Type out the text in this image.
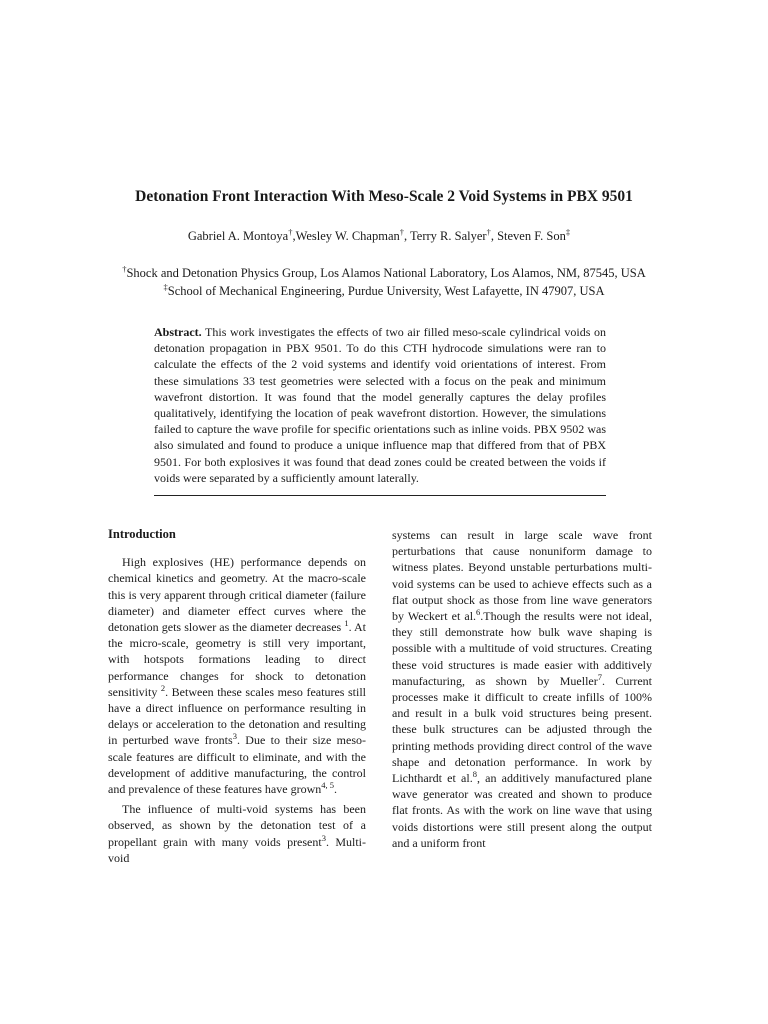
Detonation Front Interaction With Meso-Scale 2 Void Systems in PBX 9501
Gabriel A. Montoya†,Wesley W. Chapman†, Terry R. Salyer†, Steven F. Son‡
†Shock and Detonation Physics Group, Los Alamos National Laboratory, Los Alamos, NM, 87545, USA
‡School of Mechanical Engineering, Purdue University, West Lafayette, IN 47907, USA
Abstract. This work investigates the effects of two air filled meso-scale cylindrical voids on detonation propagation in PBX 9501. To do this CTH hydrocode simulations were ran to calculate the effects of the 2 void systems and identify void orientations of interest. From these simulations 33 test geometries were selected with a focus on the peak and minimum wavefront distortion. It was found that the model generally captures the delay profiles qualitatively, identifying the location of peak wavefront distortion. However, the simulations failed to capture the wave profile for specific orientations such as inline voids. PBX 9502 was also simulated and found to produce a unique influence map that differed from that of PBX 9501. For both explosives it was found that dead zones could be created between the voids if voids were separated by a sufficiently amount laterally.
Introduction

High explosives (HE) performance depends on chemical kinetics and geometry. At the macro-scale this is very apparent through critical diameter (failure diameter) and diameter effect curves where the detonation gets slower as the diameter decreases $^1$. At the micro-scale, geometry is still very important, with hotspots formations leading to direct performance changes for shock to detonation sensitivity $^2$. Between these scales meso features still have a direct influence on performance resulting in delays or acceleration to the detonation and resulting in perturbed wave fronts$^3$. Due to their size meso-scale features are difficult to eliminate, and with the development of additive manufacturing, the control and prevalence of these features have grown$^{4, 5}$.

The influence of multi-void systems has been observed, as shown by the detonation test of a propellant grain with many voids present$^3$. Multi-void

systems can result in large scale wave front perturbations that cause nonuniform damage to witness plates. Beyond unstable perturbations multi-void systems can be used to achieve effects such as a flat output shock as those from line wave generators by Weckert et al.$^6$.Though the results were not ideal, they still demonstrate how bulk wave shaping is possible with a multitude of void structures. Creating these void structures is made easier with additively manufacturing, as shown by Mueller$^7$. Current processes make it difficult to create infills of 100% and result in a bulk void structures being present. these bulk structures can be adjusted through the printing methods providing direct control of the wave shape and detonation performance. In work by Lichthardt et al.$^8$, an additively manufactured plane wave generator was created and shown to produce flat fronts. As with the work on line wave that using voids distortions were still present along the output and a uniform front
